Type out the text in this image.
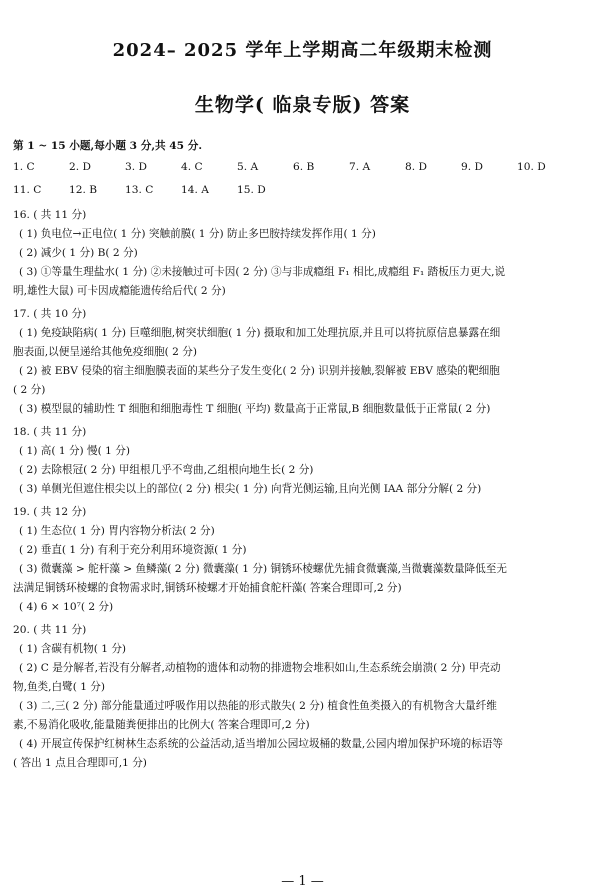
2024– 2025 学年上学期高二年级期末检测
生物学( 临泉专版) 答案
第 1 ~ 15 小题,每小题 3 分,共 45 分.
1. C	2. D	3. D	4. C	5. A	6. B	7. A	8. D	9. D	10. D
11. C	12. B	13. C	14. A	15. D
16. ( 共 11 分)
( 1) 负电位→正电位( 1 分) 突触前膜( 1 分) 防止多巴胺持续发挥作用( 1 分)
( 2) 减少( 1 分) B( 2 分)
( 3) ①等量生理盐水( 1 分) ②未接触过可卡因( 2 分) ③与非成瘾组 F₁ 相比,成瘾组 F₁ 踏板压力更大,说
明,雄性大鼠) 可卡因成瘾能遗传给后代( 2 分)
17. ( 共 10 分)
( 1) 免疫缺陷病( 1 分) 巨噬细胞,树突状细胞( 1 分) 摄取和加工处理抗原,并且可以将抗原信息暴露在细
胞表面,以便呈递给其他免疫细胞( 2 分)
( 2) 被 EBV 侵染的宿主细胞膜表面的某些分子发生变化( 2 分) 识别并接触,裂解被 EBV 感染的靶细胞
( 2 分)
( 3) 模型鼠的辅助性 T 细胞和细胞毒性 T 细胞( 平均) 数量高于正常鼠,B 细胞数量低于正常鼠( 2 分)
18. ( 共 11 分)
( 1) 高( 1 分) 慢( 1 分)
( 2) 去除根冠( 2 分) 甲组根几乎不弯曲,乙组根向地生长( 2 分)
( 3) 单侧光但遮住根尖以上的部位( 2 分) 根尖( 1 分) 向背光侧运输,且向光侧 IAA 部分分解( 2 分)
19. ( 共 12 分)
( 1) 生态位( 1 分) 胃内容物分析法( 2 分)
( 2) 垂直( 1 分) 有利于充分利用环境资源( 1 分)
( 3) 微囊藻 > 舵杆藻 > 鱼鳞藻( 2 分) 微囊藻( 1 分) 铜锈环棱螺优先捕食微囊藻,当微囊藻数量降低至无
法满足铜锈环棱螺的食物需求时,铜锈环棱螺才开始捕食舵杆藻( 答案合理即可,2 分)
( 4) 6 × 10⁷( 2 分)
20. ( 共 11 分)
( 1) 含碳有机物( 1 分)
( 2) C 是分解者,若没有分解者,动植物的遗体和动物的排遗物会堆积如山,生态系统会崩溃( 2 分) 甲壳动
物,鱼类,白鹭( 1 分)
( 3) 二,三( 2 分) 部分能量通过呼吸作用以热能的形式散失( 2 分) 植食性鱼类摄入的有机物含大量纤维
素,不易消化吸收,能量随粪便排出的比例大( 答案合理即可,2 分)
( 4) 开展宣传保护红树林生态系统的公益活动,适当增加公园垃圾桶的数量,公园内增加保护环境的标语等
( 答出 1 点且合理即可,1 分)
— 1 —
